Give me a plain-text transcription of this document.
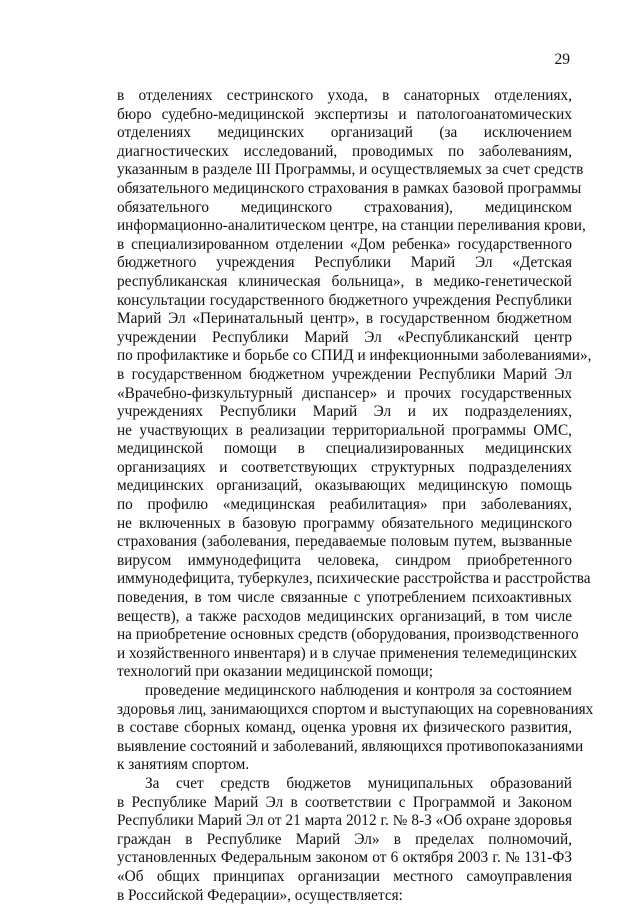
29
в отделениях сестринского ухода, в санаторных отделениях,
бюро судебно-медицинской экспертизы и патологоанатомических
отделениях медицинских организаций (за исключением
диагностических исследований, проводимых по заболеваниям,
указанным в разделе III Программы, и осуществляемых за счет средств
обязательного медицинского страхования в рамках базовой программы
обязательного медицинского страхования), медицинском
информационно-аналитическом центре, на станции переливания крови,
в специализированном отделении «Дом ребенка» государственного
бюджетного учреждения Республики Марий Эл «Детская
республиканская клиническая больница», в медико-генетической
консультации государственного бюджетного учреждения Республики
Марий Эл «Перинатальный центр», в государственном бюджетном
учреждении Республики Марий Эл «Республиканский центр
по профилактике и борьбе со СПИД и инфекционными заболеваниями»,
в государственном бюджетном учреждении Республики Марий Эл
«Врачебно-физкультурный диспансер» и прочих государственных
учреждениях Республики Марий Эл и их подразделениях,
не участвующих в реализации территориальной программы ОМС,
медицинской помощи в специализированных медицинских
организациях и соответствующих структурных подразделениях
медицинских организаций, оказывающих медицинскую помощь
по профилю «медицинская реабилитация» при заболеваниях,
не включенных в базовую программу обязательного медицинского
страхования (заболевания, передаваемые половым путем, вызванные
вирусом иммунодефицита человека, синдром приобретенного
иммунодефицита, туберкулез, психические расстройства и расстройства
поведения, в том числе связанные с употреблением психоактивных
веществ), а также расходов медицинских организаций, в том числе
на приобретение основных средств (оборудования, производственного
и хозяйственного инвентаря) и в случае применения телемедицинских
технологий при оказании медицинской помощи;
проведение медицинского наблюдения и контроля за состоянием
здоровья лиц, занимающихся спортом и выступающих на соревнованиях
в составе сборных команд, оценка уровня их физического развития,
выявление состояний и заболеваний, являющихся противопоказаниями
к занятиям спортом.
За счет средств бюджетов муниципальных образований
в Республике Марий Эл в соответствии с Программой и Законом
Республики Марий Эл от 21 марта 2012 г. № 8-З «Об охране здоровья
граждан в Республике Марий Эл» в пределах полномочий,
установленных Федеральным законом от 6 октября 2003 г. № 131-ФЗ
«Об общих принципах организации местного самоуправления
в Российской Федерации», осуществляется:
